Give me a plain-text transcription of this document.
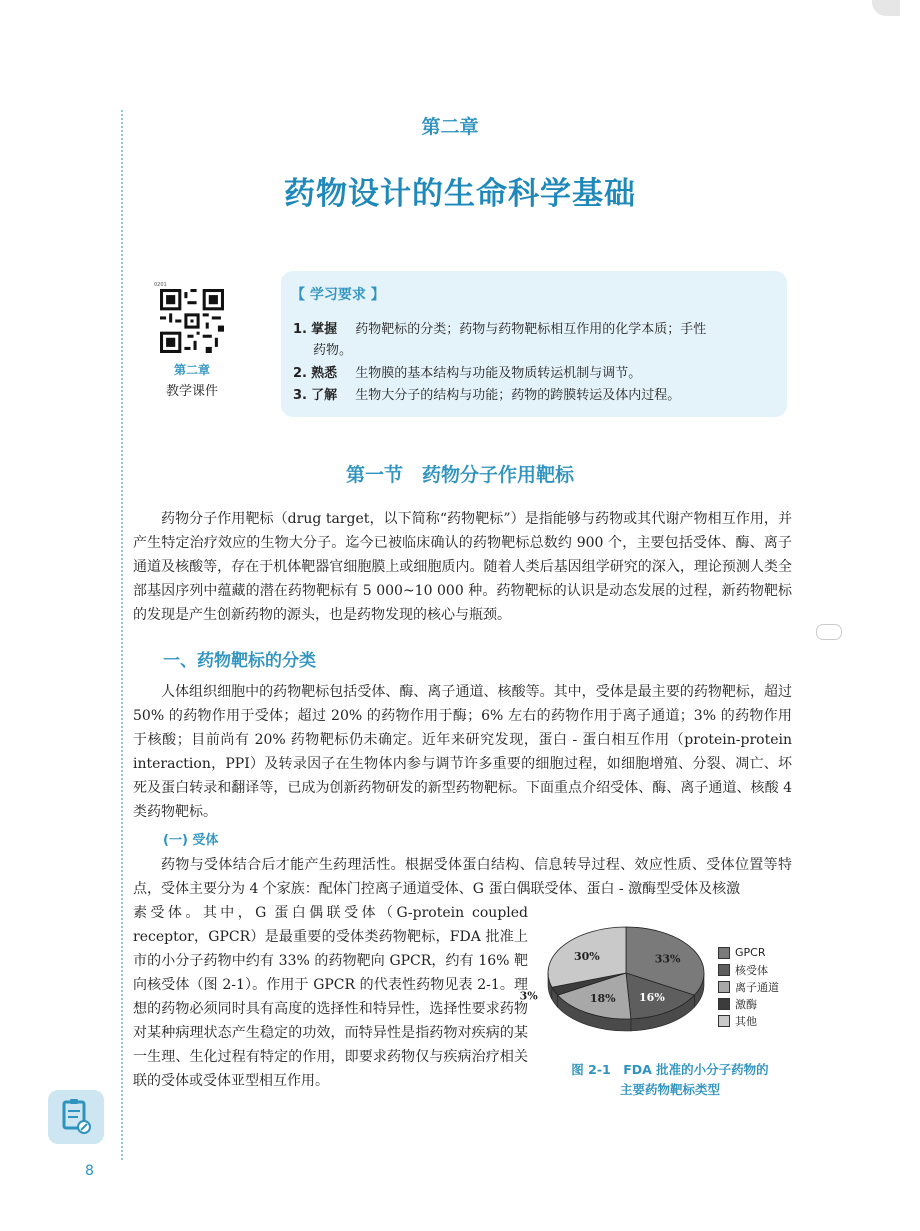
第二章
药物设计的生命科学基础
0201
第二章
教学课件
【 学习要求 】
1. 掌握 药物靶标的分类；药物与药物靶标相互作用的化学本质；手性
药物。
2. 熟悉 生物膜的基本结构与功能及物质转运机制与调节。
3. 了解 生物大分子的结构与功能；药物的跨膜转运及体内过程。
第一节　药物分子作用靶标

药物分子作用靶标（drug target，以下简称“药物靶标”）是指能够与药物或其代谢产物相互作用，并产生特定治疗效应的生物大分子。迄今已被临床确认的药物靶标总数约 900 个，主要包括受体、酶、离子通道及核酸等，存在于机体靶器官细胞膜上或细胞质内。随着人类后基因组学研究的深入，理论预测人类全部基因序列中蕴藏的潜在药物靶标有 5 000~10 000 种。药物靶标的认识是动态发展的过程，新药物靶标的发现是产生创新药物的源头，也是药物发现的核心与瓶颈。

一、药物靶标的分类

人体组织细胞中的药物靶标包括受体、酶、离子通道、核酸等。其中，受体是最主要的药物靶标，超过 50% 的药物作用于受体；超过 20% 的药物作用于酶；6% 左右的药物作用于离子通道；3% 的药物作用于核酸；目前尚有 20% 药物靶标仍未确定。近年来研究发现，蛋白 - 蛋白相互作用（protein-protein interaction，PPI）及转录因子在生物体内参与调节许多重要的细胞过程，如细胞增殖、分裂、凋亡、坏死及蛋白转录和翻译等，已成为创新药物研发的新型药物靶标。下面重点介绍受体、酶、离子通道、核酸 4 类药物靶标。

(一) 受体

药物与受体结合后才能产生药理活性。根据受体蛋白结构、信息转导过程、效应性质、受体位置等特点，受体主要分为 4 个家族：配体门控离子通道受体、G 蛋白偶联受体、蛋白 - 激酶型受体及核激

素受体。其中，G 蛋白偶联受体（G-protein coupled receptor，GPCR）是最重要的受体类药物靶标，FDA 批准上市的小分子药物中约有 33% 的药物靶向 GPCR，约有 16% 靶向核受体（图 2-1）。作用于 GPCR 的代表性药物见表 2-1。理想的药物必须同时具有高度的选择性和特异性，选择性要求药物对某种病理状态产生稳定的功效，而特异性是指药物对疾病的某一生理、生化过程有特定的作用，即要求药物仅与疾病治疗相关联的受体或受体亚型相互作用。

33%
16%
18%
3%
30%	GPCR
核受体
离子通道
激酶
其他
图 2-1　FDA 批准的小分子药物的
主要药物靶标类型
8
